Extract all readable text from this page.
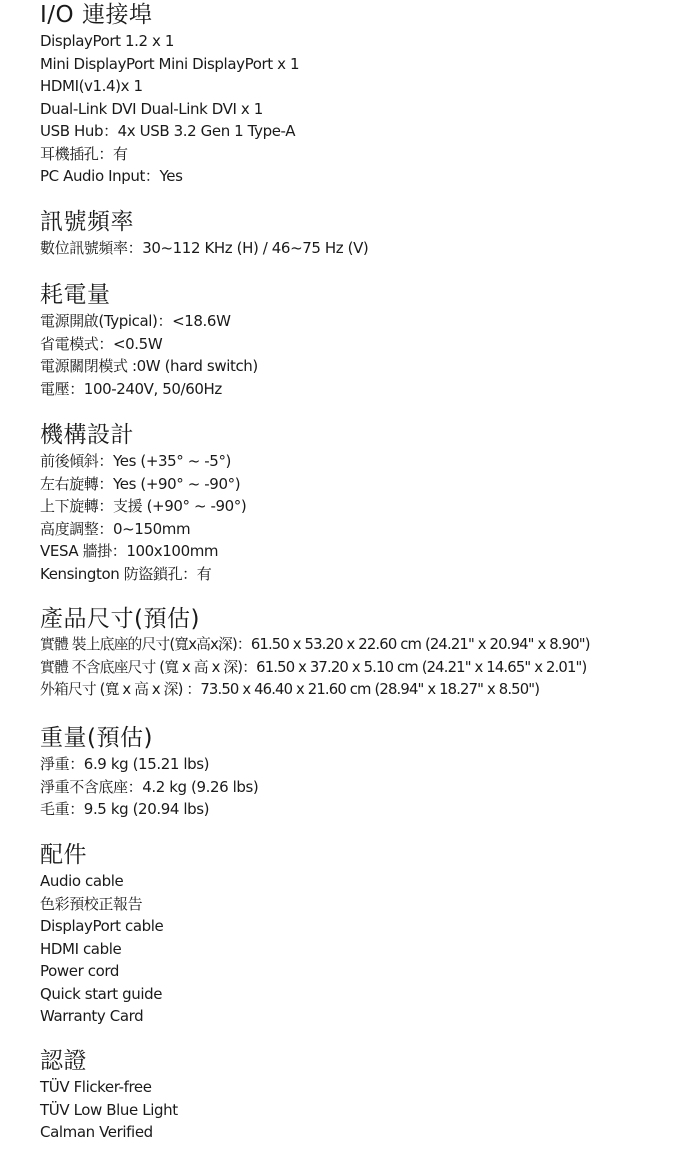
I/O 連接埠
DisplayPort 1.2 x 1
Mini DisplayPort Mini DisplayPort x 1
HDMI(v1.4)x 1
Dual-Link DVI Dual-Link DVI x 1
USB Hub：4x USB 3.2 Gen 1 Type-A
耳機插孔：有
PC Audio Input：Yes
訊號頻率
數位訊號頻率：30~112 KHz (H) / 46~75 Hz (V)
耗電量
電源開啟(Typical)：<18.6W
省電模式：<0.5W
電源關閉模式 :0W (hard switch)
電壓：100-240V, 50/60Hz
機構設計
前後傾斜：Yes (+35° ~ -5°)
左右旋轉：Yes (+90° ~ -90°)
上下旋轉：支援 (+90° ~ -90°)
高度調整：0~150mm
VESA 牆掛：100x100mm
Kensington 防盜鎖孔：有
產品尺寸(預估)
實體 裝上底座的尺寸(寬x高x深)：61.50 x 53.20 x 22.60 cm (24.21" x 20.94" x 8.90")
實體 不含底座尺寸 (寬 x 高 x 深)：61.50 x 37.20 x 5.10 cm (24.21" x 14.65" x 2.01")
外箱尺寸 (寬 x 高 x 深) ：73.50 x 46.40 x 21.60 cm (28.94" x 18.27" x 8.50")
重量(預估)
淨重：6.9 kg (15.21 lbs)
淨重不含底座：4.2 kg (9.26 lbs)
毛重：9.5 kg (20.94 lbs)
配件
Audio cable
色彩預校正報告
DisplayPort cable
HDMI cable
Power cord
Quick start guide
Warranty Card
認證
TÜV Flicker-free
TÜV Low Blue Light
Calman Verified
